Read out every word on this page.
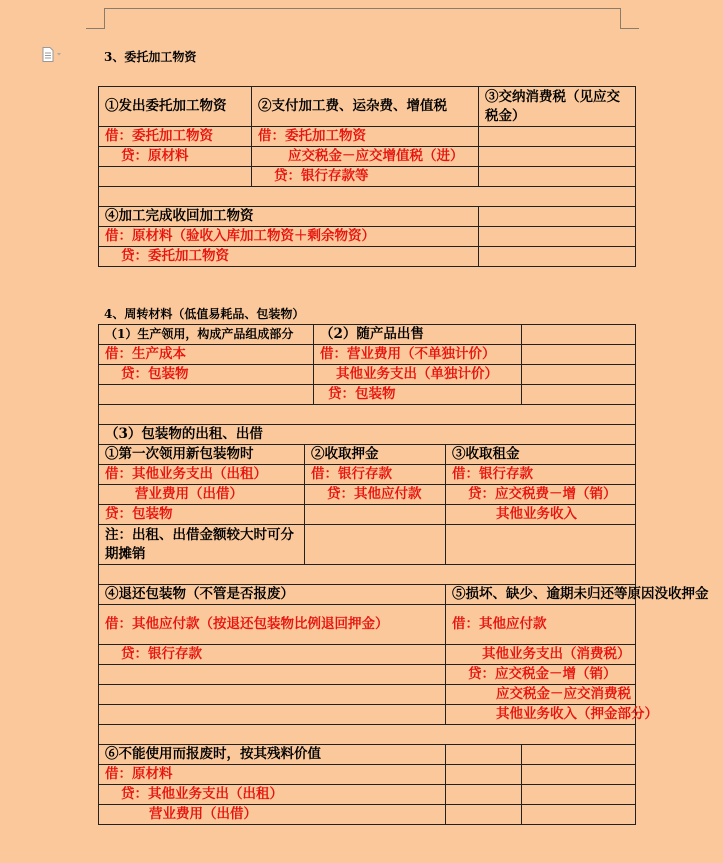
3、委托加工物资
①发出委托加工物资	②支付加工费、运杂费、增值税	③交纳消费税（见应交税金）
借：委托加工物资	借：委托加工物资	
贷：原材料	应交税金－应交增值税（进）	
	贷：银行存款等	

④加工完成收回加工物资		
借：原材料（验收入库加工物资＋剩余物资）		
贷：委托加工物资		
4、周转材料（低值易耗品、包装物）
（1）生产领用，构成产品组成部分		（2）随产品出售		
借：生产成本		借：营业费用（不单独计价）		
贷：包装物		其他业务支出（单独计价）		
		贷：包装物		

（3）包装物的出租、出借				
①第一次领用新包装物时	②收取押金		③收取租金	
借：其他业务支出（出租）	借：银行存款		借：银行存款	
营业费用（出借）	贷：其他应付款		贷：应交税费－增（销）	
贷：包装物			其他业务收入	
注：出租、出借金额较大时可分期摊销				

④退还包装物（不管是否报废）			⑤损坏、缺少、逾期未归还等原因没收押金	
借：其他应付款（按退还包装物比例退回押金）			借：其他应付款	
贷：银行存款			其他业务支出（消费税）	
			贷：应交税金－增（销）	
			应交税金－应交消费税	
			其他业务收入（押金部分）	

⑥不能使用而报废时，按其残料价值				
借：原材料				
贷：其他业务支出（出租）				
营业费用（出借）				
